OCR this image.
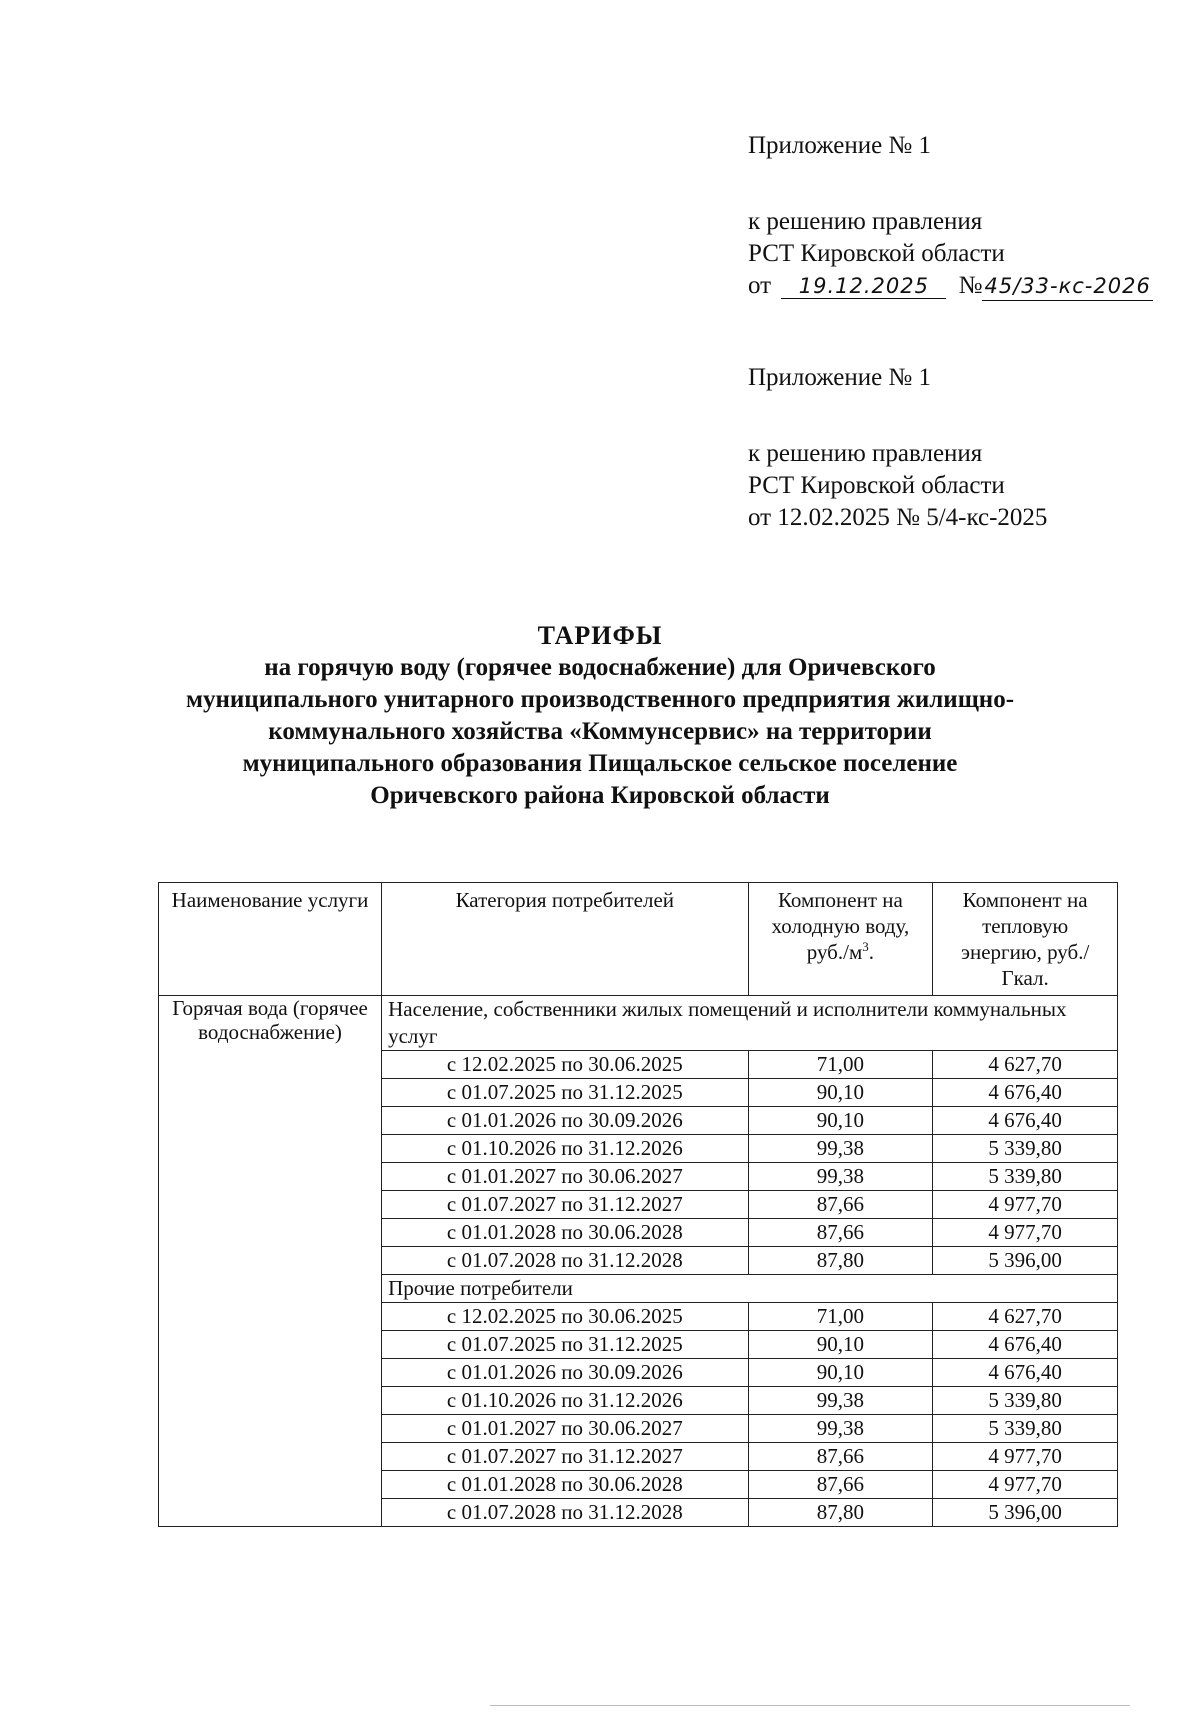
Приложение № 1
к решению правления
РСТ Кировской области
от 19.12.2025 №45/33-кс-2026
Приложение № 1
к решению правления
РСТ Кировской области
от 12.02.2025 № 5/4-кс-2025
ТАРИФЫ
на горячую воду (горячее водоснабжение) для Оричевского
муниципального унитарного производственного предприятия жилищно-
коммунального хозяйства «Коммунсервис» на территории
муниципального образования Пищальское сельское поселение
Оричевского района Кировской области
Наименование услуги	Категория потребителей	Компонент на холодную воду, $руб./м^3$.	Компонент на тепловую энергию, руб./Гкал.
Горячая вода (горячее водоснабжение)	Население, собственники жилых помещений и исполнители коммунальных услуг		
	с 12.02.2025 по 30.06.2025	71,00	4 627,70
	с 01.07.2025 по 31.12.2025	90,10	4 676,40
	с 01.01.2026 по 30.09.2026	90,10	4 676,40
	с 01.10.2026 по 31.12.2026	99,38	5 339,80
	с 01.01.2027 по 30.06.2027	99,38	5 339,80
	с 01.07.2027 по 31.12.2027	87,66	4 977,70
	с 01.01.2028 по 30.06.2028	87,66	4 977,70
	с 01.07.2028 по 31.12.2028	87,80	5 396,00
	Прочие потребители		
	с 12.02.2025 по 30.06.2025	71,00	4 627,70
	с 01.07.2025 по 31.12.2025	90,10	4 676,40
	с 01.01.2026 по 30.09.2026	90,10	4 676,40
	с 01.10.2026 по 31.12.2026	99,38	5 339,80
	с 01.01.2027 по 30.06.2027	99,38	5 339,80
	с 01.07.2027 по 31.12.2027	87,66	4 977,70
	с 01.01.2028 по 30.06.2028	87,66	4 977,70
	с 01.07.2028 по 31.12.2028	87,80	5 396,00
